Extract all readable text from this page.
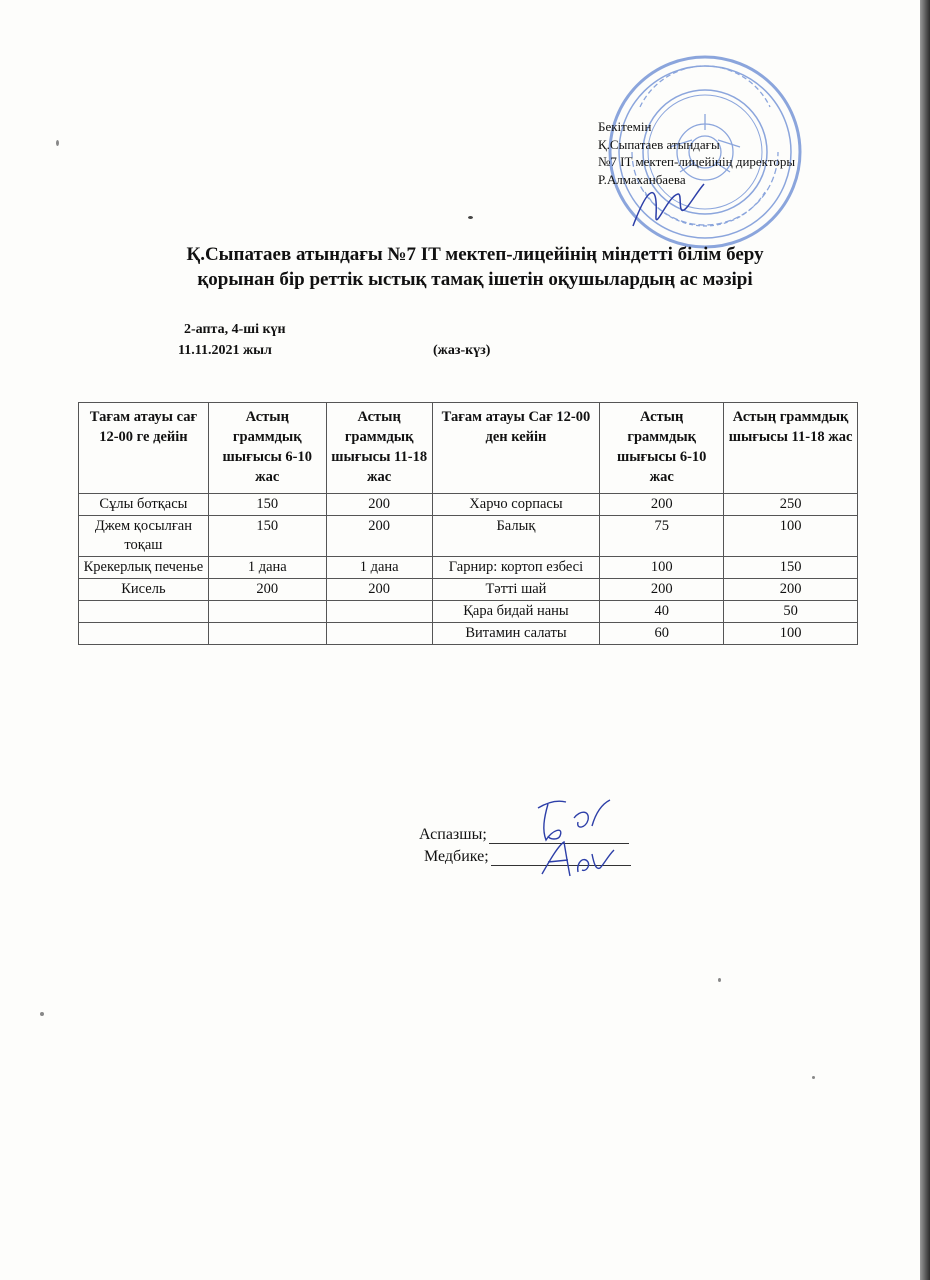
Бекітемін
Қ.Сыпатаев атындағы
№7 IT мектеп-лицейінің директоры
Р.Алмаханбаева
Қ.Сыпатаев атындағы №7 IT мектеп-лицейінің міндетті білім беру
қорынан бір реттік ыстық тамақ ішетін оқушылардың ас мәзірі
2-апта, 4-ші күн
11.11.2021 жыл	(жаз-күз)
Тағам атауы сағ 12-00 ге дейін	Астың граммдық шығысы 6-10 жас	Астың граммдық шығысы 11-18 жас	Тағам атауы Сағ 12-00 ден кейін	Астың граммдық шығысы 6-10 жас	Астың граммдық шығысы 11-18 жас
Сұлы ботқасы	150	200	Харчо сорпасы	200	250
Джем қосылған тоқаш	150	200	Балық	75	100
Крекерлық печенье	1 дана	1 дана	Гарнир: кортоп езбесі	100	150
Кисель	200	200	Тәтті шай	200	200
			Қара бидай наны	40	50
			Витамин салаты	60	100
Аспазшы;
Медбике;
